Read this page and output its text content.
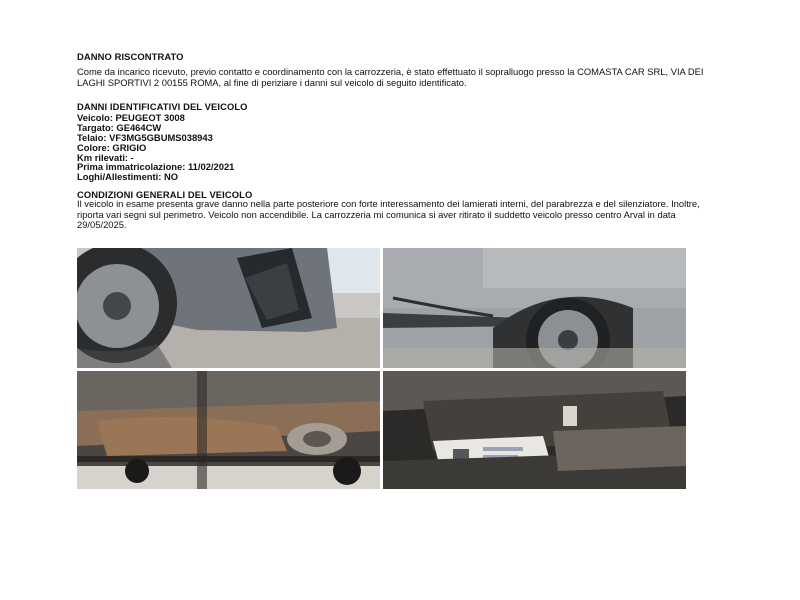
DANNO RISCONTRATO
Come da incarico ricevuto, previo contatto e coordinamento con la carrozzeria, è stato effettuato il sopralluogo presso la COMASTA CAR SRL, VIA DEI LAGHI SPORTIVI 2 00155 ROMA, al fine di periziare i danni sul veicolo di seguito identificato.
DANNI IDENTIFICATIVI DEL VEICOLO
Veicolo: PEUGEOT 3008
Targato: GE464CW
Telaio: VF3MG5GBUMS038943
Colore: GRIGIO
Km rilevati: -
Prima immatricolazione: 11/02/2021
Loghi/Allestimenti: NO
CONDIZIONI GENERALI DEL VEICOLO
Il veicolo in esame presenta grave danno nella parte posteriore con forte interessamento dei lamierati interni, del parabrezza e del silenziatore. Inoltre, riporta vari segni sul perimetro. Veicolo non accendibile. La carrozzeria mi comunica si aver ritirato il suddetto veicolo presso centro Arval in data 29/05/2025.
